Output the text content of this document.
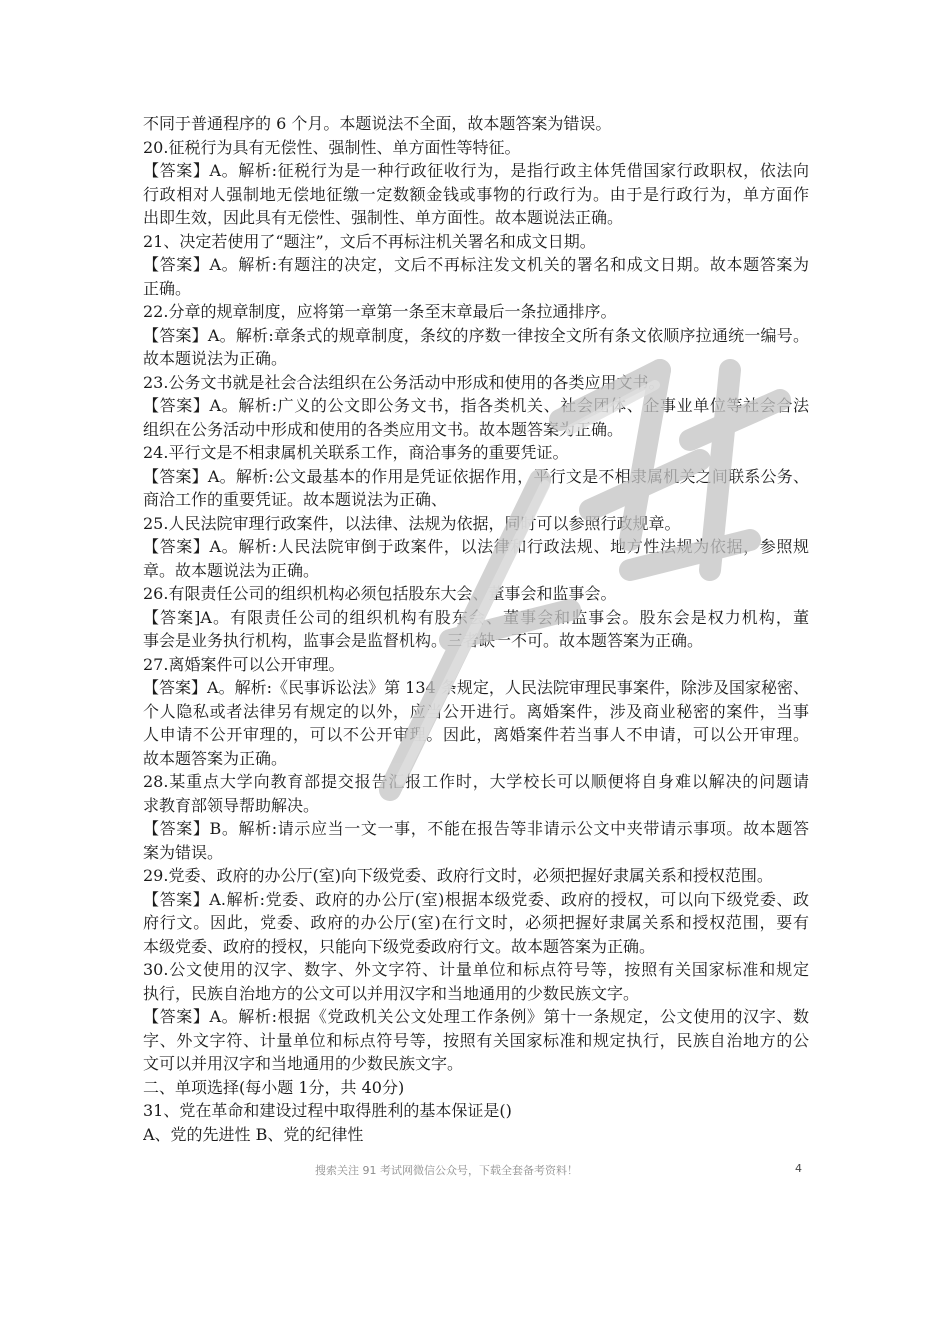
不同于普通程序的 6 个月。本题说法不全面，故本题答案为错误。
20.征税行为具有无偿性、强制性、单方面性等特征。
【答案】A。解析:征税行为是一种行政征收行为，是指行政主体凭借国家行政职权，依法向
行政相对人强制地无偿地征缴一定数额金钱或事物的行政行为。由于是行政行为，单方面作
出即生效，因此具有无偿性、强制性、单方面性。故本题说法正确。
21、决定若使用了“题注”，文后不再标注机关署名和成文日期。
【答案】A。解析:有题注的决定，文后不再标注发文机关的署名和成文日期。故本题答案为
正确。
22.分章的规章制度，应将第一章第一条至末章最后一条拉通排序。
【答案】A。解析:章条式的规章制度，条纹的序数一律按全文所有条文依顺序拉通统一编号。
故本题说法为正确。
23.公务文书就是社会合法组织在公务活动中形成和使用的各类应用文书。
【答案】A。解析:广义的公文即公务文书，指各类机关、社会团体、企事业单位等社会合法
组织在公务活动中形成和使用的各类应用文书。故本题答案为正确。
24.平行文是不相隶属机关联系工作，商洽事务的重要凭证。
【答案】A。解析:公文最基本的作用是凭证依据作用，平行文是不相隶属机关之间联系公务、
商洽工作的重要凭证。故本题说法为正确、
25.人民法院审理行政案件，以法律、法规为依据，同时可以参照行政规章。
【答案】A。解析:人民法院审倒于政案件，以法律和行政法规、地方性法规为依据，参照规
章。故本题说法为正确。
26.有限责任公司的组织机构必须包括股东大会、董事会和监事会。
【答案]A。有限责任公司的组织机构有股东会、董事会和监事会。股东会是权力机构，董
事会是业务执行机构，监事会是监督机构。三者缺一不可。故本题答案为正确。
27.离婚案件可以公开审理。
【答案】A。解析:《民事诉讼法》第 134 条规定，人民法院审理民事案件，除涉及国家秘密、
个人隐私或者法律另有规定的以外，应当公开进行。离婚案件，涉及商业秘密的案件，当事
人申请不公开审理的，可以不公开审理。因此，离婚案件若当事人不申请，可以公开审理。
故本题答案为正确。
28.某重点大学向教育部提交报告汇报工作时，大学校长可以顺便将自身难以解决的问题请
求教育部领导帮助解决。
【答案】B。解析:请示应当一文一事，不能在报告等非请示公文中夹带请示事项。故本题答
案为错误。
29.党委、政府的办公厅(室)向下级党委、政府行文时，必须把握好隶属关系和授权范围。
【答案】A.解析:党委、政府的办公厅(室)根据本级党委、政府的授权，可以向下级党委、政
府行文。因此，党委、政府的办公厅(室)在行文时，必须把握好隶属关系和授权范围，要有
本级党委、政府的授权，只能向下级党委政府行文。故本题答案为正确。
30.公文使用的汉字、数字、外文字符、计量单位和标点符号等，按照有关国家标准和规定
执行，民族自治地方的公文可以并用汉字和当地通用的少数民族文字。
【答案】A。解析:根据《党政机关公文处理工作条例》第十一条规定，公文使用的汉字、数
字、外文字符、计量单位和标点符号等，按照有关国家标准和规定执行，民族自治地方的公
文可以并用汉字和当地通用的少数民族文字。
二、单项选择(每小题 1分，共 40分)
31、党在革命和建设过程中取得胜利的基本保证是()
A、党的先进性 B、党的纪律性
搜索关注 91 考试网微信公众号，下载全套备考资料！	4
